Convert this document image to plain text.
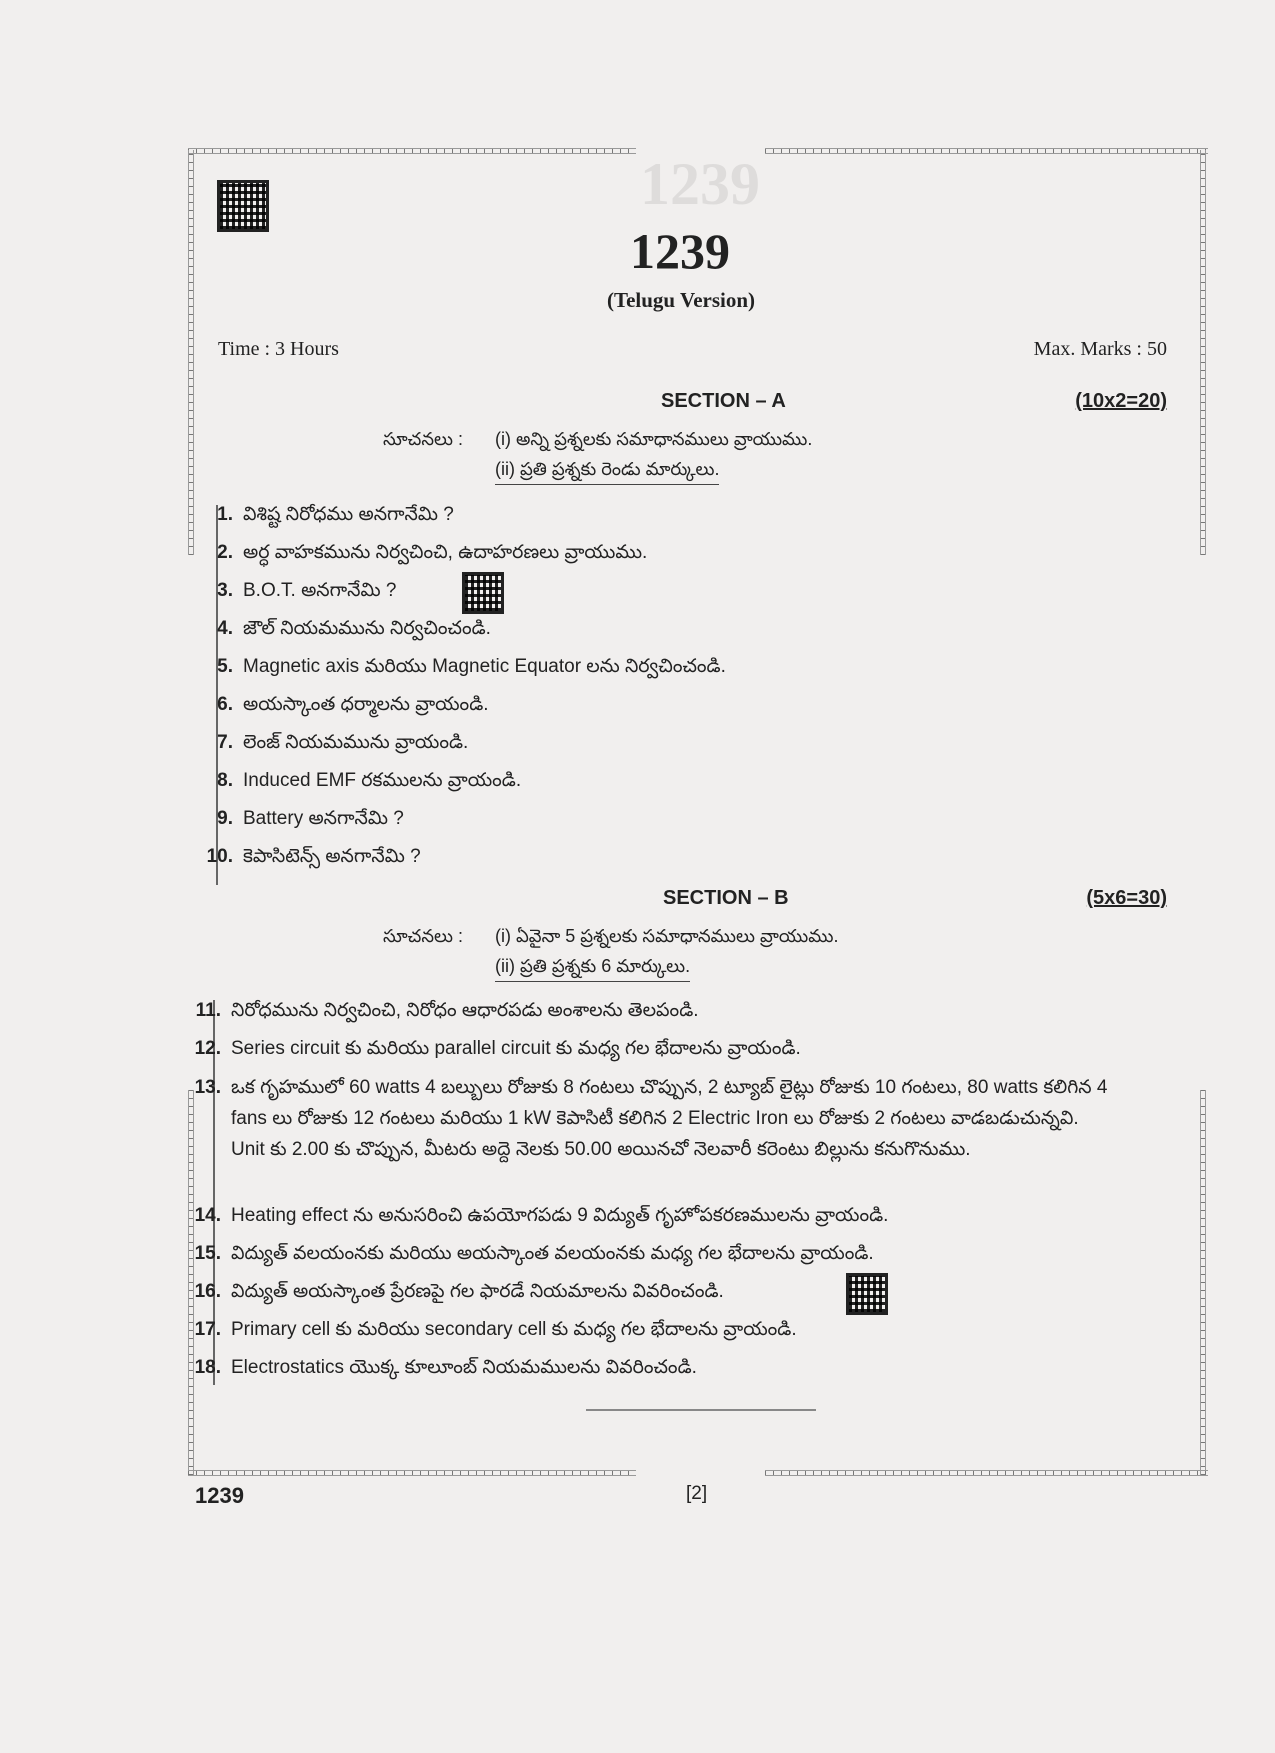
1239
1239
(Telugu Version)
Time : 3 Hours	Max. Marks : 50
SECTION – A	(10x2=20)
సూచనలు : (i) అన్ని ప్రశ్నలకు సమాధానములు వ్రాయుము.
(ii) ప్రతి ప్రశ్నకు రెండు మార్కులు.
1. విశిష్ట నిరోధము అనగానేమి ?
2. అర్ధ వాహకమును నిర్వచించి, ఉదాహరణలు వ్రాయుము.
3. B.O.T. అనగానేమి ?
4. జౌల్ నియమమును నిర్వచించండి.
5. Magnetic axis మరియు Magnetic Equator లను నిర్వచించండి.
6. అయస్కాంత ధర్మాలను వ్రాయండి.
7. లెంజ్ నియమమును వ్రాయండి.
8. Induced EMF రకములను వ్రాయండి.
9. Battery అనగానేమి ?
10. కెపాసిటెన్స్ అనగానేమి ?
SECTION – B	(5x6=30)
సూచనలు : (i) ఏవైనా 5 ప్రశ్నలకు సమాధానములు వ్రాయుము.
(ii) ప్రతి ప్రశ్నకు 6 మార్కులు.
11. నిరోధమును నిర్వచించి, నిరోధం ఆధారపడు అంశాలను తెలపండి.
12. Series circuit కు మరియు parallel circuit కు మధ్య గల భేదాలను వ్రాయండి.
13. ఒక గృహములో 60 watts 4 బల్బులు రోజుకు 8 గంటలు చొప్పున, 2 ట్యూబ్ లైట్లు రోజుకు 10 గంటలు, 80 watts కలిగిన 4 fans లు రోజుకు 12 గంటలు మరియు 1 kW కెపాసిటీ కలిగిన 2 Electric Iron లు రోజుకు 2 గంటలు వాడబడుచున్నవి. Unit కు 2.00 కు చొప్పున, మీటరు అద్దె నెలకు 50.00 అయినచో నెలవారీ కరెంటు బిల్లును కనుగొనుము.
14. Heating effect ను అనుసరించి ఉపయోగపడు 9 విద్యుత్ గృహోపకరణములను వ్రాయండి.
15. విద్యుత్ వలయంనకు మరియు అయస్కాంత వలయంనకు మధ్య గల భేదాలను వ్రాయండి.
16. విద్యుత్ అయస్కాంత ప్రేరణపై గల ఫారడే నియమాలను వివరించండి.
17. Primary cell కు మరియు secondary cell కు మధ్య గల భేదాలను వ్రాయండి.
18. Electrostatics యొక్క కూలూంబ్ నియమములను వివరించండి.
1239	[2]
